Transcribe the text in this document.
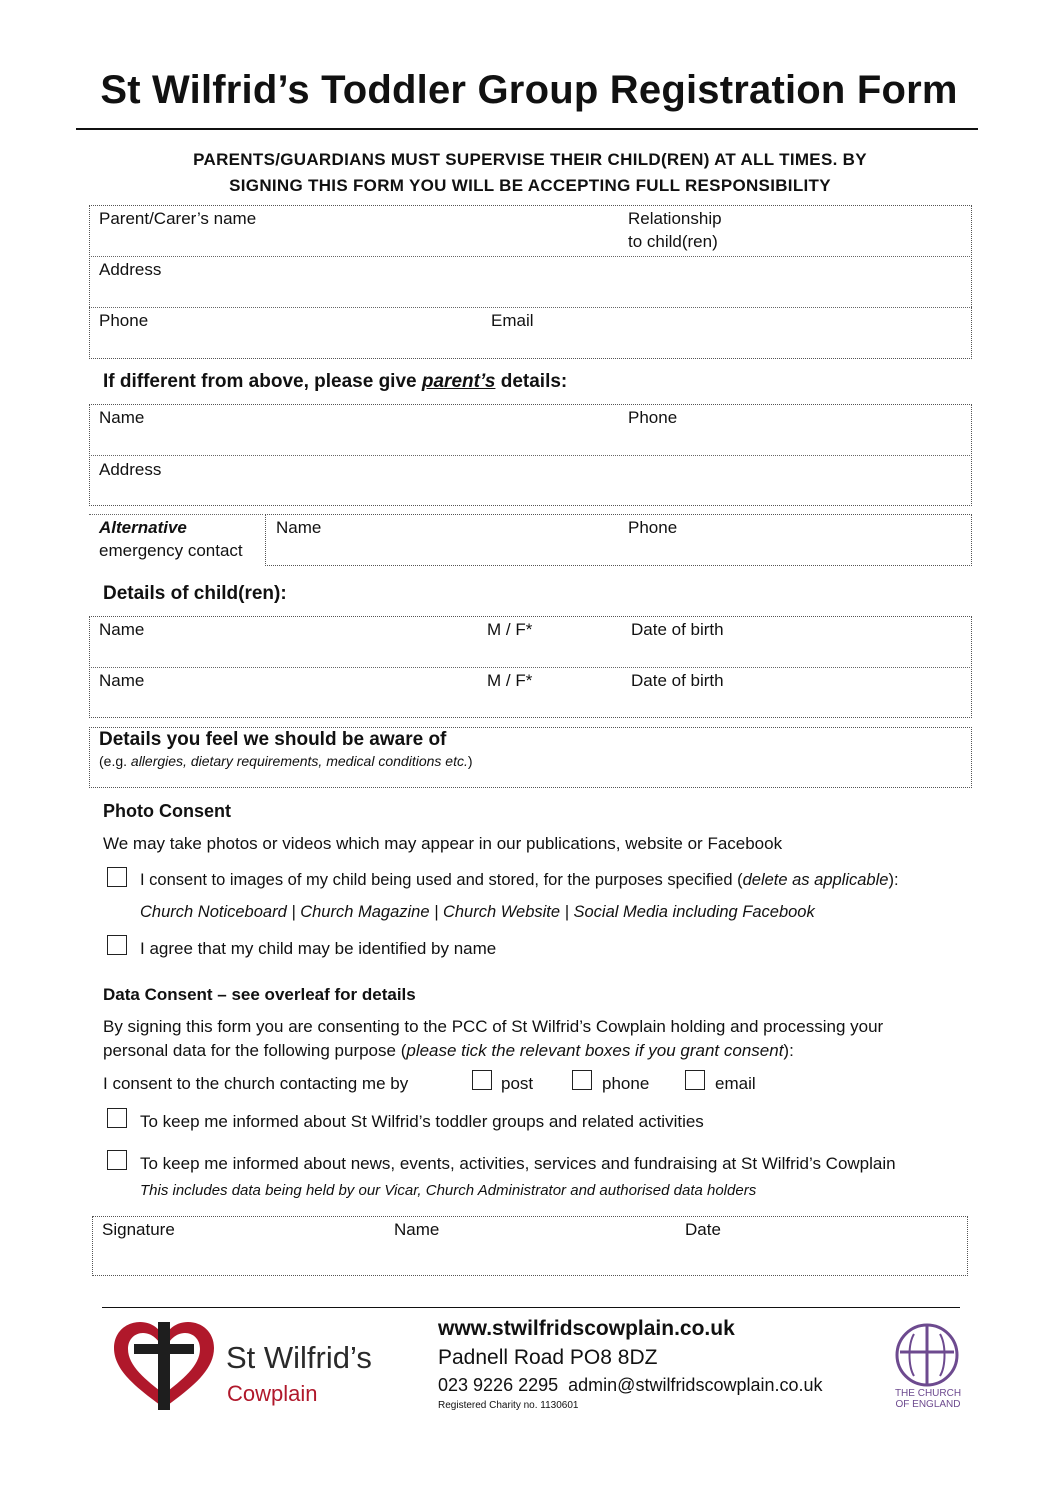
St Wilfrid’s Toddler Group Registration Form
PARENTS/GUARDIANS MUST SUPERVISE THEIR CHILD(REN) AT ALL TIMES. BY
SIGNING THIS FORM YOU WILL BE ACCEPTING FULL RESPONSIBILITY
Parent/Carer’s name	Relationship
to child(ren)
Address
Phone	Email
If different from above, please give parent’s details:
Name	Phone
Address
Alternative
emergency contact
Name	Phone
Details of child(ren):
Name	M / F*	Date of birth
Name	M / F*	Date of birth
Details you feel we should be aware of
(e.g. allergies, dietary requirements, medical conditions etc.)
Photo Consent
We may take photos or videos which may appear in our publications, website or Facebook
I consent to images of my child being used and stored, for the purposes specified (delete as applicable):
Church Noticeboard | Church Magazine | Church Website | Social Media including Facebook
I agree that my child may be identified by name
Data Consent – see overleaf for details
By signing this form you are consenting to the PCC of St Wilfrid’s Cowplain holding and processing your
personal data for the following purpose (please tick the relevant boxes if you grant consent):
I consent to the church contacting me by	post	phone	email
To keep me informed about St Wilfrid’s toddler groups and related activities
To keep me informed about news, events, activities, services and fundraising at St Wilfrid’s Cowplain
This includes data being held by our Vicar, Church Administrator and authorised data holders
Signature	Name	Date
St Wilfrid’s
Cowplain
www.stwilfridscowplain.co.uk
Padnell Road PO8 8DZ
023 9226 2295 admin@stwilfridscowplain.co.uk
Registered Charity no. 1130601
THE CHURCH
OF ENGLAND
